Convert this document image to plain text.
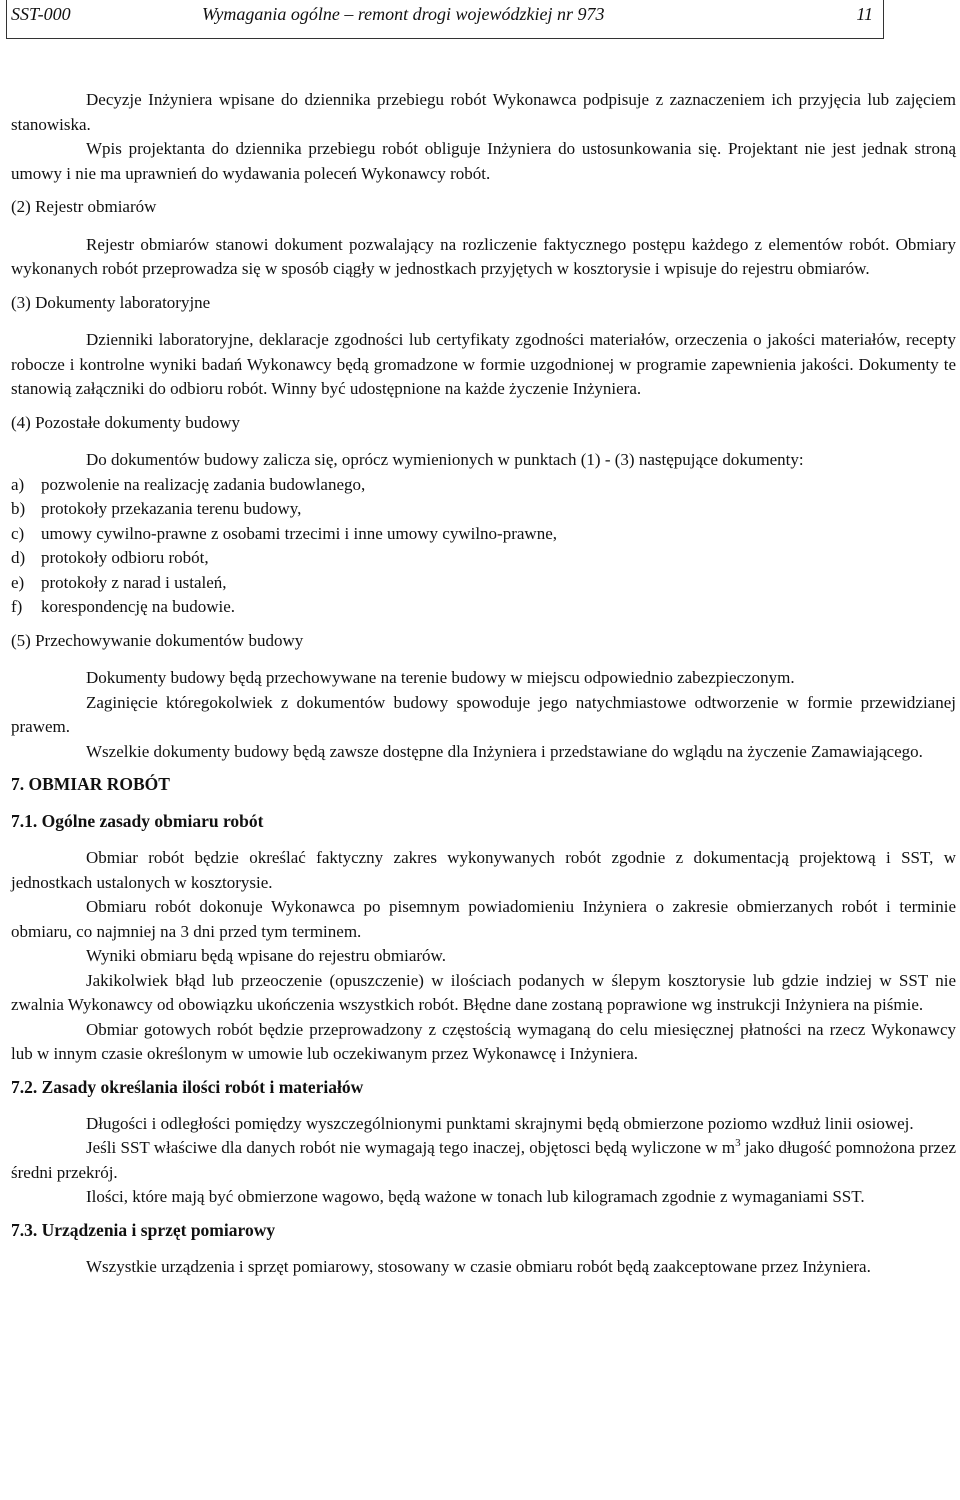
SST-000	Wymagania ogólne – remont drogi wojewódzkiej nr 973	11

Decyzje Inżyniera wpisane do dziennika przebiegu robót Wykonawca podpisuje z zaznaczeniem ich przyjęcia lub zajęciem stanowiska.

Wpis projektanta do dziennika przebiegu robót obliguje Inżyniera do ustosunkowania się. Projektant nie jest jednak stroną umowy i nie ma uprawnień do wydawania poleceń Wykonawcy robót.

(2) Rejestr obmiarów

Rejestr obmiarów stanowi dokument pozwalający na rozliczenie faktycznego postępu każdego z elementów robót. Obmiary wykonanych robót przeprowadza się w sposób ciągły w jednostkach przyjętych w kosztorysie i wpisuje do rejestru obmiarów.

(3) Dokumenty laboratoryjne

Dzienniki laboratoryjne, deklaracje zgodności lub certyfikaty zgodności materiałów, orzeczenia o jakości materiałów, recepty robocze i kontrolne wyniki badań Wykonawcy będą gromadzone w formie uzgodnionej w programie zapewnienia jakości. Dokumenty te stanowią załączniki do odbioru robót. Winny być udostępnione na każde życzenie Inżyniera.

(4) Pozostałe dokumenty budowy

Do dokumentów budowy zalicza się, oprócz wymienionych w punktach (1) - (3) następujące dokumenty:

a) pozwolenie na realizację zadania budowlanego,
b) protokoły przekazania terenu budowy,
c) umowy cywilno-prawne z osobami trzecimi i inne umowy cywilno-prawne,
d) protokoły odbioru robót,
e) protokoły z narad i ustaleń,
f)	korespondencję na budowie.

(5) Przechowywanie dokumentów budowy

Dokumenty budowy będą przechowywane na terenie budowy w miejscu odpowiednio zabezpieczonym.

Zaginięcie któregokolwiek z dokumentów budowy spowoduje jego natychmiastowe odtworzenie w formie przewidzianej prawem.

Wszelkie dokumenty budowy będą zawsze dostępne dla Inżyniera i przedstawiane do wglądu na życzenie Zamawiającego.

7. OBMIAR ROBÓT
7.1. Ogólne zasady obmiaru robót

Obmiar robót będzie określać faktyczny zakres wykonywanych robót zgodnie z dokumentacją projektową i SST, w jednostkach ustalonych w kosztorysie.

Obmiaru robót dokonuje Wykonawca po pisemnym powiadomieniu Inżyniera o zakresie obmierzanych robót i terminie obmiaru, co najmniej na 3 dni przed tym terminem.

Wyniki obmiaru będą wpisane do rejestru obmiarów.

Jakikolwiek błąd lub przeoczenie (opuszczenie) w ilościach podanych w ślepym kosztorysie lub gdzie indziej w SST nie zwalnia Wykonawcy od obowiązku ukończenia wszystkich robót. Błędne dane zostaną poprawione wg instrukcji Inżyniera na piśmie.

Obmiar gotowych robót będzie przeprowadzony z częstością wymaganą do celu miesięcznej płatności na rzecz Wykonawcy lub w innym czasie określonym w umowie lub oczekiwanym przez Wykonawcę i Inżyniera.

7.2. Zasady określania ilości robót i materiałów

Długości i odległości pomiędzy wyszczególnionymi punktami skrajnymi będą obmierzone poziomo wzdłuż linii osiowej.

Jeśli SST właściwe dla danych robót nie wymagają tego inaczej, objętosci będą wyliczone w $m^3$ jako długość pomnożona przez średni przekrój.

Ilości, które mają być obmierzone wagowo, będą ważone w tonach lub kilogramach zgodnie z wymaganiami SST.

7.3. Urządzenia i sprzęt pomiarowy

Wszystkie urządzenia i sprzęt pomiarowy, stosowany w czasie obmiaru robót będą zaakceptowane przez Inżyniera.
